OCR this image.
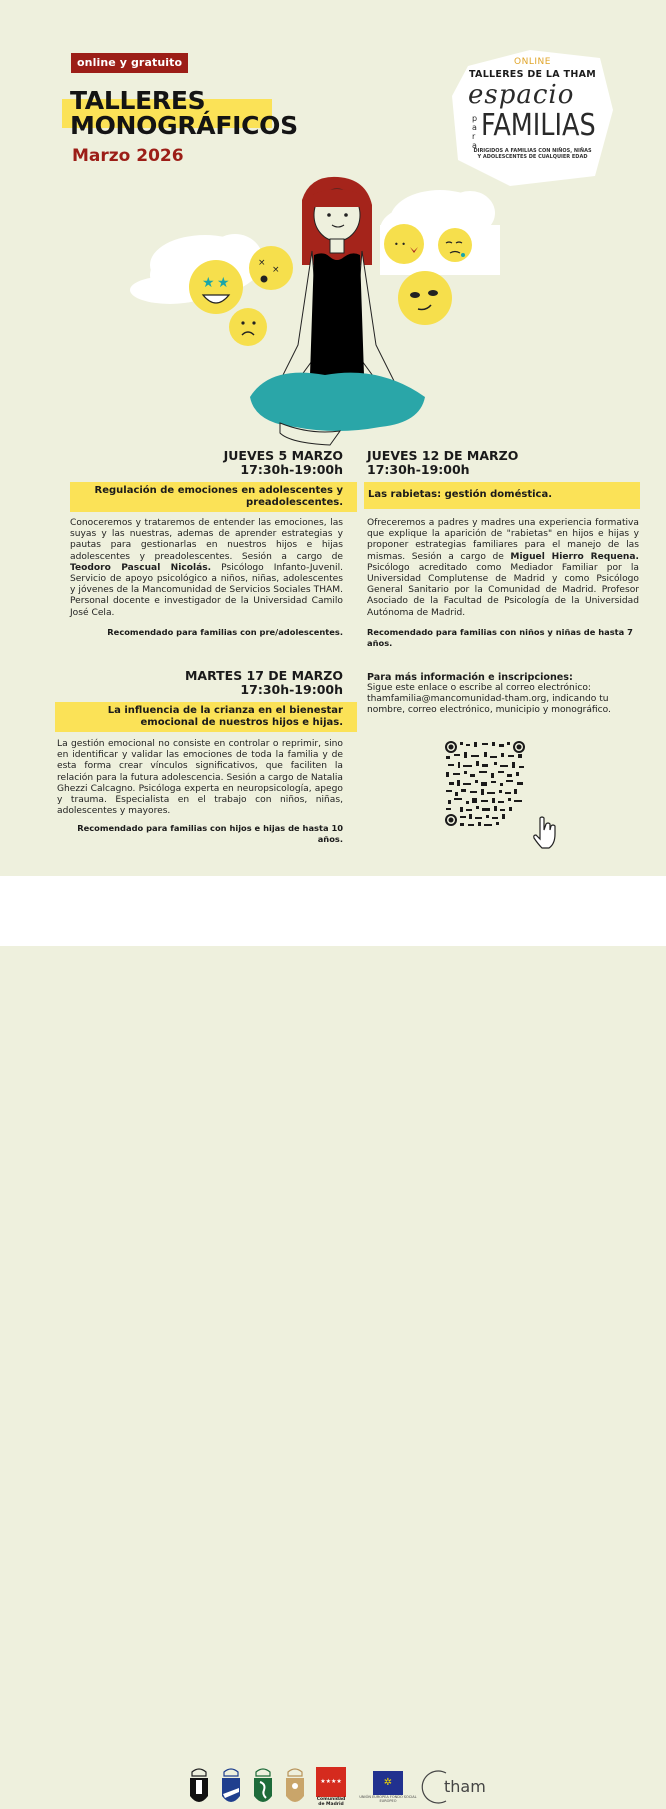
online y gratuito
TALLERES
MONOGRÁFICOS
Marzo 2026
ONLINE
TALLERES DE LA THAM
espacio
p
a
r
a
FAMILIAS
DIRIGIDOS A FAMILIAS CON NIÑOS, NIÑAS
Y ADOLESCENTES DE CUALQUIER EDAD
★ ★
×
×
• •
JUEVES 5 MARZO
17:30h-19:00h
Regulación de emociones en adolescentes y preadolescentes.
Conoceremos y trataremos de entender las emociones, las suyas y las nuestras, ademas de aprender estrategias y pautas para gestionarlas en nuestros hijos e hijas adolescentes y preadolescentes. Sesión a cargo de Teodoro Pascual Nicolás. Psicólogo Infanto-Juvenil. Servicio de apoyo psicológico a niños, niñas, adolescentes y jóvenes de la Mancomunidad de Servicios Sociales THAM. Personal docente e investigador de la Universidad Camilo José Cela.
Recomendado para familias con pre/adolescentes.
JUEVES 12 DE MARZO
17:30h-19:00h
Las rabietas: gestión doméstica.
Ofreceremos a padres y madres una experiencia formativa que explique la aparición de "rabietas" en hijos e hijas y proponer estrategias familiares para el manejo de las mismas. Sesión a cargo de Miguel Hierro Requena. Psicólogo acreditado como Mediador Familiar por la Universidad Complutense de Madrid y como Psicólogo General Sanitario por la Comunidad de Madrid. Profesor Asociado de la Facultad de Psicología de la Universidad Autónoma de Madrid.
Recomendado para familias con niños y niñas de hasta 7 años.
MARTES 17 DE MARZO
17:30h-19:00h
La influencia de la crianza en el bienestar emocional de nuestros hijos e hijas.
La gestión emocional no consiste en controlar o reprimir, sino en identificar y validar las emociones de toda la familia y de esta forma crear vínculos significativos, que faciliten la relación para la futura adolescencia. Sesión a cargo de Natalia Ghezzi Calcagno. Psicóloga experta en neuropsicología, apego y trauma. Especialista en el trabajo con niños, niñas, adolescentes y mayores.
Recomendado para familias con hijos e hijas de hasta 10 años.
Para más información e inscripciones:
Sigue este enlace o escribe al correo electrónico:
thamfamilia@mancomunidad-tham.org, indicando tu nombre, correo electrónico, municipio y monográfico.
★★★★
Comunidad de Madrid
✲
UNIÓN EUROPEA FONDO SOCIAL EUROPEO
tham
